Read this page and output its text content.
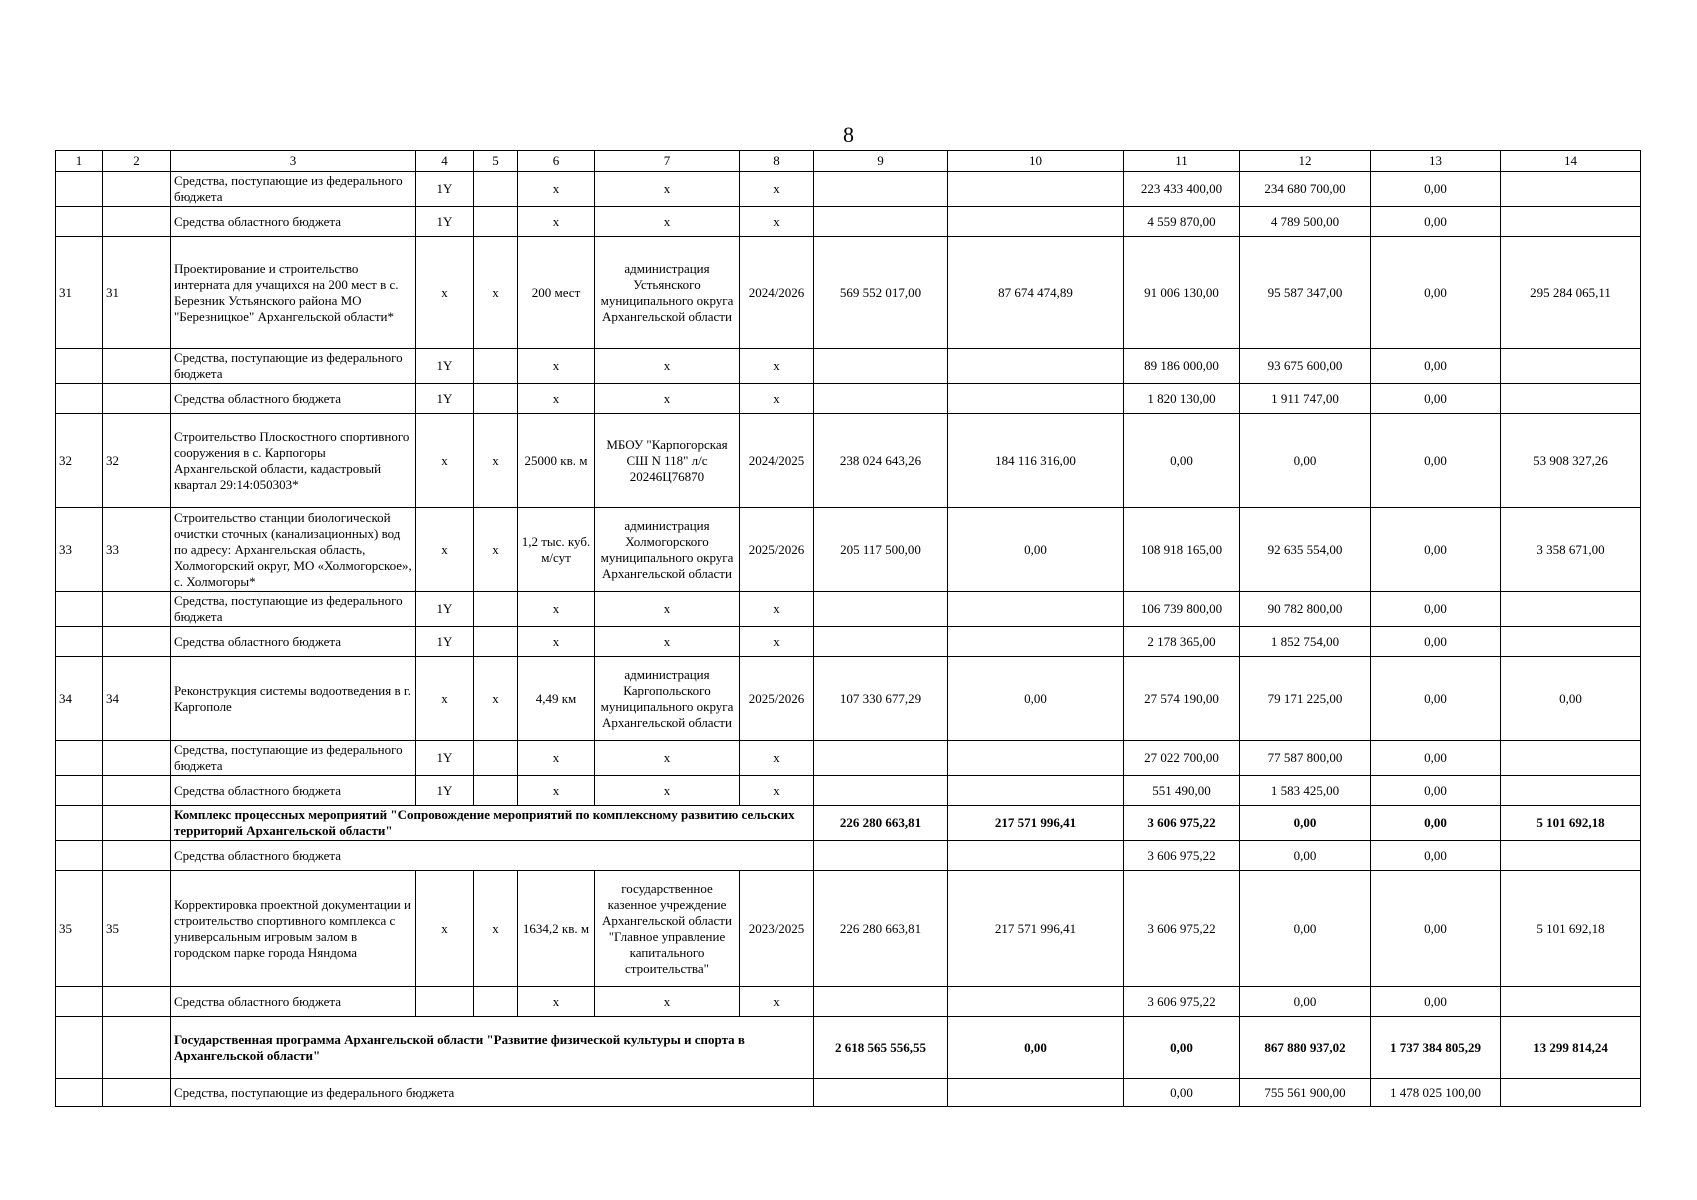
8
1	2	3	4	5	6	7	8	9	10	11	12	13	14
		Средства, поступающие из федерального бюджета	1Y		х	х	х			223 433 400,00	234 680 700,00	0,00	
		Средства областного бюджета	1Y		х	х	х			4 559 870,00	4 789 500,00	0,00	
31	31	Проектирование и строительство интерната для учащихся на 200 мест в с. Березник Устьянского района МО "Березницкое" Архангельской области*	х	х	200 мест	администрация Устьянского муниципального округа Архангельской области	2024/2026	569 552 017,00	87 674 474,89	91 006 130,00	95 587 347,00	0,00	295 284 065,11
		Средства, поступающие из федерального бюджета	1Y		х	х	х			89 186 000,00	93 675 600,00	0,00	
		Средства областного бюджета	1Y		х	х	х			1 820 130,00	1 911 747,00	0,00	
32	32	Строительство Плоскостного спортивного сооружения в с. Карпогоры Архангельской области, кадастровый квартал 29:14:050303*	х	х	25000 кв. м	МБОУ "Карпогорская СШ N 118" л/с 20246Ц76870	2024/2025	238 024 643,26	184 116 316,00	0,00	0,00	0,00	53 908 327,26
33	33	Строительство станции биологической очистки сточных (канализационных) вод по адресу: Архангельская область, Холмогорский округ, МО «Холмогорское», с. Холмогоры*	х	х	1,2 тыс. куб. м/сут	администрация Холмогорского муниципального округа Архангельской области	2025/2026	205 117 500,00	0,00	108 918 165,00	92 635 554,00	0,00	3 358 671,00
		Средства, поступающие из федерального бюджета	1Y		х	х	х			106 739 800,00	90 782 800,00	0,00	
		Средства областного бюджета	1Y		х	х	х			2 178 365,00	1 852 754,00	0,00	
34	34	Реконструкция системы водоотведения в г. Каргополе	х	х	4,49 км	администрация Каргопольского муниципального округа Архангельской области	2025/2026	107 330 677,29	0,00	27 574 190,00	79 171 225,00	0,00	0,00
		Средства, поступающие из федерального бюджета	1Y		х	х	х			27 022 700,00	77 587 800,00	0,00	
		Средства областного бюджета	1Y		х	х	х			551 490,00	1 583 425,00	0,00	
		Комплекс процессных мероприятий "Сопровождение мероприятий по комплексному развитию сельских территорий Архангельской области"						226 280 663,81	217 571 996,41	3 606 975,22	0,00	0,00	5 101 692,18
		Средства областного бюджета								3 606 975,22	0,00	0,00	
35	35	Корректировка проектной документации и строительство спортивного комплекса с универсальным игровым залом в городском парке города Няндома	х	х	1634,2 кв. м	государственное казенное учреждение Архангельской области "Главное управление капитального строительства"	2023/2025	226 280 663,81	217 571 996,41	3 606 975,22	0,00	0,00	5 101 692,18
		Средства областного бюджета			х	х	х			3 606 975,22	0,00	0,00	
		Государственная программа Архангельской области "Развитие физической культуры и спорта в Архангельской области"						2 618 565 556,55	0,00	0,00	867 880 937,02	1 737 384 805,29	13 299 814,24
		Средства, поступающие из федерального бюджета								0,00	755 561 900,00	1 478 025 100,00	
